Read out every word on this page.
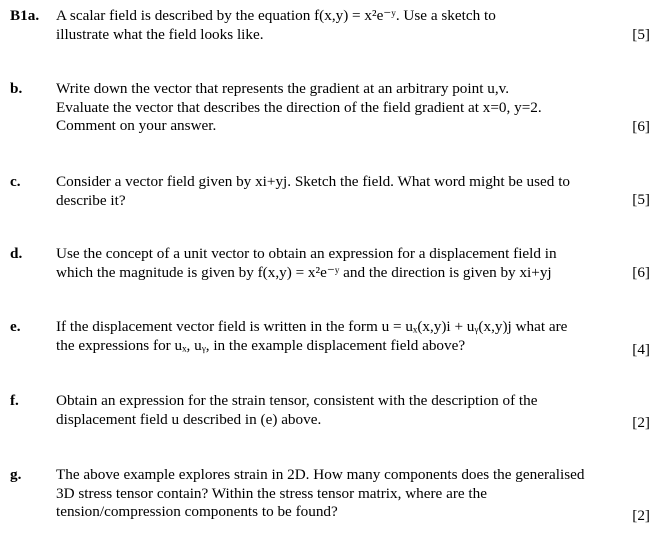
B1a. A scalar field is described by the equation f(x,y) = x²e⁻ʸ. Use a sketch to
illustrate what the field looks like.	[5]
b. Write down the vector that represents the gradient at an arbitrary point u,v.
Evaluate the vector that describes the direction of the field gradient at x=0, y=2.
Comment on your answer.	[6]
c. Consider a vector field given by xi+yj. Sketch the field. What word might be used to
describe it?	[5]
d. Use the concept of a unit vector to obtain an expression for a displacement field in
which the magnitude is given by f(x,y) = x²e⁻ʸ and the direction is given by xi+yj	[6]
e. If the displacement vector field is written in the form u = uₓ(x,y)i + uᵧ(x,y)j what are
the expressions for uₓ, uᵧ, in the example displacement field above?	[4]
f. Obtain an expression for the strain tensor, consistent with the description of the
displacement field u described in (e) above.	[2]
g. The above example explores strain in 2D. How many components does the generalised
3D stress tensor contain? Within the stress tensor matrix, where are the
tension/compression components to be found?	[2]
